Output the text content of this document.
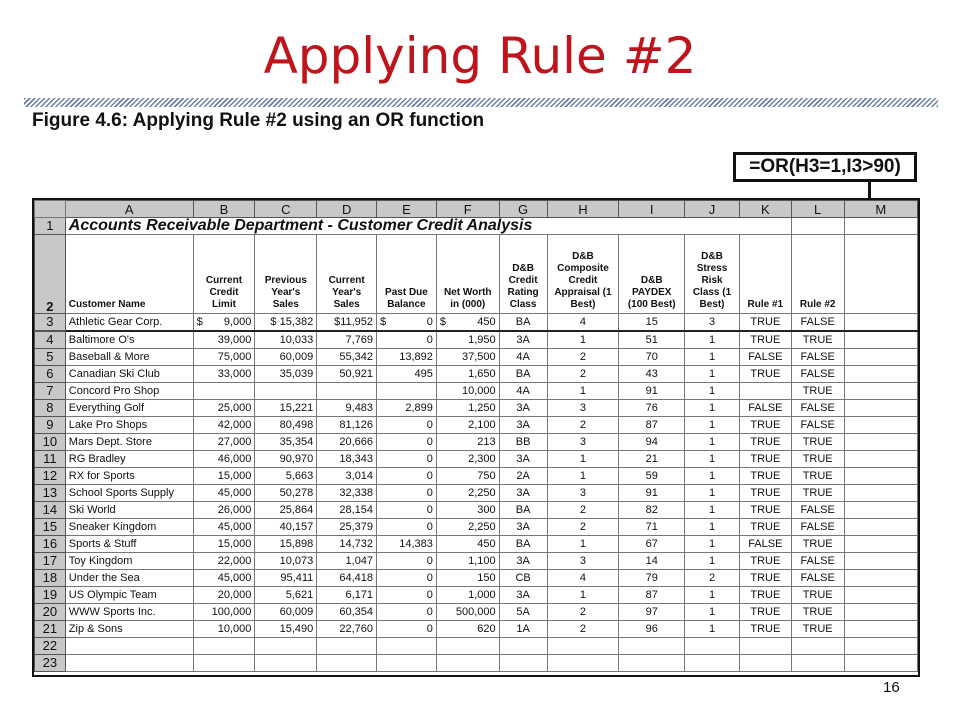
Applying Rule #2
Figure 4.6: Applying Rule #2 using an OR function
=OR(H3=1,I3>90)
	A	B	C	D	E	F	G	H	I	J	K	L	M
1	Accounts Receivable Department - Customer Credit Analysis												
2	Customer Name	Current Credit Limit	Previous Year's Sales	Current Year's Sales	Past Due Balance	Net Worth in (000)	D&B Credit Rating Class	D&B Composite Credit Appraisal (1 Best)	D&B PAYDEX (100 Best)	D&B Stress Risk Class (1 Best)	Rule #1	Rule #2	
3	Athletic Gear Corp.	$ 9,000	$ 15,382	$11,952	$ 0	$ 450	BA	4	15	3	TRUE	FALSE	
4	Baltimore O's	39,000	10,033	7,769	0	1,950	3A	1	51	1	TRUE	TRUE	
5	Baseball & More	75,000	60,009	55,342	13,892	37,500	4A	2	70	1	FALSE	FALSE	
6	Canadian Ski Club	33,000	35,039	50,921	495	1,650	BA	2	43	1	TRUE	FALSE	
7	Concord Pro Shop					10,000	4A	1	91	1		TRUE	
8	Everything Golf	25,000	15,221	9,483	2,899	1,250	3A	3	76	1	FALSE	FALSE	
9	Lake Pro Shops	42,000	80,498	81,126	0	2,100	3A	2	87	1	TRUE	FALSE	
10	Mars Dept. Store	27,000	35,354	20,666	0	213	BB	3	94	1	TRUE	TRUE	
11	RG Bradley	46,000	90,970	18,343	0	2,300	3A	1	21	1	TRUE	TRUE	
12	RX for Sports	15,000	5,663	3,014	0	750	2A	1	59	1	TRUE	TRUE	
13	School Sports Supply	45,000	50,278	32,338	0	2,250	3A	3	91	1	TRUE	TRUE	
14	Ski World	26,000	25,864	28,154	0	300	BA	2	82	1	TRUE	FALSE	
15	Sneaker Kingdom	45,000	40,157	25,379	0	2,250	3A	2	71	1	TRUE	FALSE	
16	Sports & Stuff	15,000	15,898	14,732	14,383	450	BA	1	67	1	FALSE	TRUE	
17	Toy Kingdom	22,000	10,073	1,047	0	1,100	3A	3	14	1	TRUE	FALSE	
18	Under the Sea	45,000	95,411	64,418	0	150	CB	4	79	2	TRUE	FALSE	
19	US Olympic Team	20,000	5,621	6,171	0	1,000	3A	1	87	1	TRUE	TRUE	
20	WWW Sports Inc.	100,000	60,009	60,354	0	500,000	5A	2	97	1	TRUE	TRUE	
21	Zip & Sons	10,000	15,490	22,760	0	620	1A	2	96	1	TRUE	TRUE	
22													
23													
16
